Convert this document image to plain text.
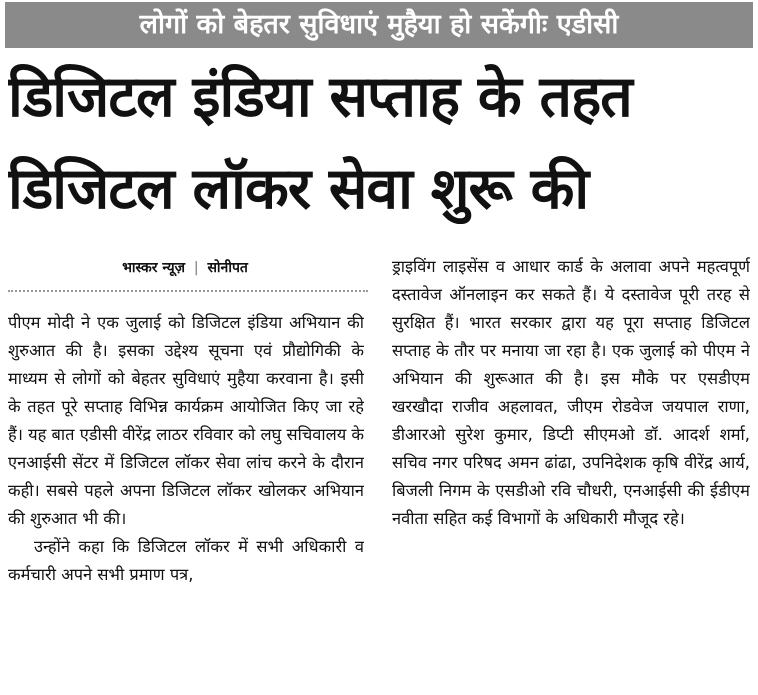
लोगों को बेहतर सुविधाएं मुहैया हो सकेंगीः एडीसी
डिजिटल इंडिया सप्ताह के तहत
डिजिटल लॉकर सेवा शुरू की
भास्कर न्यूज़ | सोनीपत

पीएम मोदी ने एक जुलाई को डिजिटल इंडिया अभियान की शुरुआत की है। इसका उद्देश्य सूचना एवं प्रौद्योगिकी के माध्यम से लोगों को बेहतर सुविधाएं मुहैया करवाना है। इसी के तहत पूरे सप्ताह विभिन्न कार्यक्रम आयोजित किए जा रहे हैं। यह बात एडीसी वीरेंद्र लाठर रविवार को लघु सचिवालय के एनआईसी सेंटर में डिजिटल लॉकर सेवा लांच करने के दौरान कही। सबसे पहले अपना डिजिटल लॉकर खोलकर अभियान की शुरुआत भी की।

उन्होंने कहा कि डिजिटल लॉकर में सभी अधिकारी व कर्मचारी अपने सभी प्रमाण पत्र,

ड्राइविंग लाइसेंस व आधार कार्ड के अलावा अपने महत्वपूर्ण दस्तावेज ऑनलाइन कर सकते हैं। ये दस्तावेज पूरी तरह से सुरक्षित हैं। भारत सरकार द्वारा यह पूरा सप्ताह डिजिटल सप्ताह के तौर पर मनाया जा रहा है। एक जुलाई को पीएम ने अभियान की शुरूआत की है। इस मौके पर एसडीएम खरखौदा राजीव अहलावत, जीएम रोडवेज जयपाल राणा, डीआरओ सुरेश कुमार, डिप्टी सीएमओ डॉ. आदर्श शर्मा, सचिव नगर परिषद अमन ढांढा, उपनिदेशक कृषि वीरेंद्र आर्य, बिजली निगम के एसडीओ रवि चौधरी, एनआईसी की ईडीएम नवीता सहित कई विभागों के अधिकारी मौजूद रहे।
